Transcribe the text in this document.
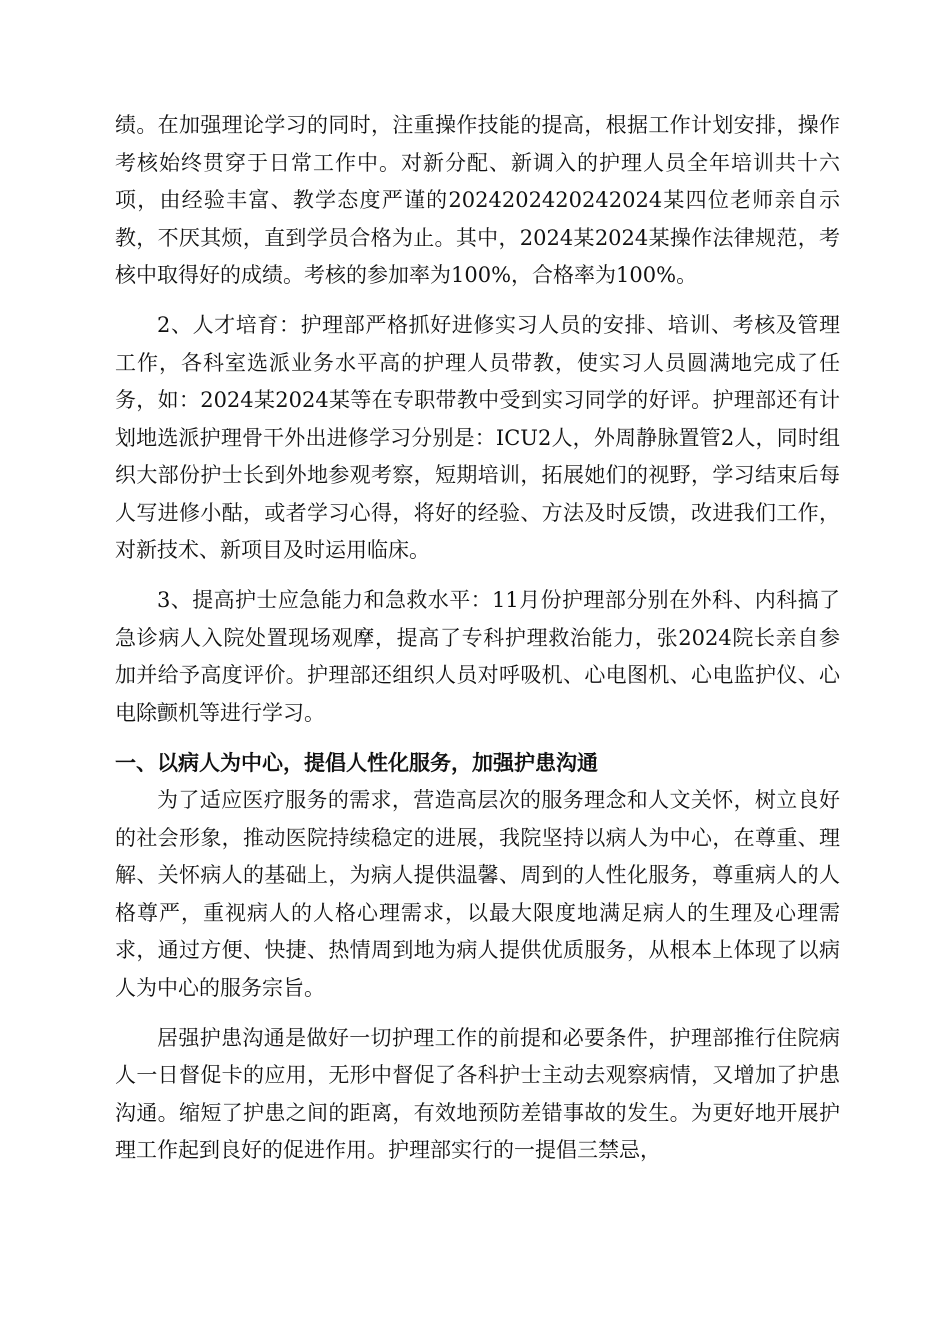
绩。在加强理论学习的同时，注重操作技能的提高，根据工作计划安排，操作考核始终贯穿于日常工作中。对新分配、新调入的护理人员全年培训共十六项，由经验丰富、教学态度严谨的2024202420242024某四位老师亲自示教，不厌其烦，直到学员合格为止。其中，2024某2024某操作法律规范，考核中取得好的成绩。考核的参加率为100%，合格率为100%。

2、人才培育：护理部严格抓好进修实习人员的安排、培训、考核及管理工作，各科室选派业务水平高的护理人员带教，使实习人员圆满地完成了任务，如：2024某2024某等在专职带教中受到实习同学的好评。护理部还有计划地选派护理骨干外出进修学习分别是：ICU2人，外周静脉置管2人，同时组织大部份护士长到外地参观考察，短期培训，拓展她们的视野，学习结束后每人写进修小酤，或者学习心得，将好的经验、方法及时反馈，改进我们工作，对新技术、新项目及时运用临床。

3、提高护士应急能力和急救水平：11月份护理部分别在外科、内科搞了急诊病人入院处置现场观摩，提高了专科护理救治能力，张2024院长亲自参加并给予高度评价。护理部还组织人员对呼吸机、心电图机、心电监护仪、心电除颤机等进行学习。

一、以病人为中心，提倡人性化服务，加强护患沟通

为了适应医疗服务的需求，营造高层次的服务理念和人文关怀，树立良好的社会形象，推动医院持续稳定的进展，我院坚持以病人为中心，在尊重、理解、关怀病人的基础上，为病人提供温馨、周到的人性化服务，尊重病人的人格尊严，重视病人的人格心理需求，以最大限度地满足病人的生理及心理需求，通过方便、快捷、热情周到地为病人提供优质服务，从根本上体现了以病人为中心的服务宗旨。

居强护患沟通是做好一切护理工作的前提和必要条件，护理部推行住院病人一日督促卡的应用，无形中督促了各科护士主动去观察病情，又增加了护患沟通。缩短了护患之间的距离，有效地预防差错事故的发生。为更好地开展护理工作起到良好的促进作用。护理部实行的一提倡三禁忌，
